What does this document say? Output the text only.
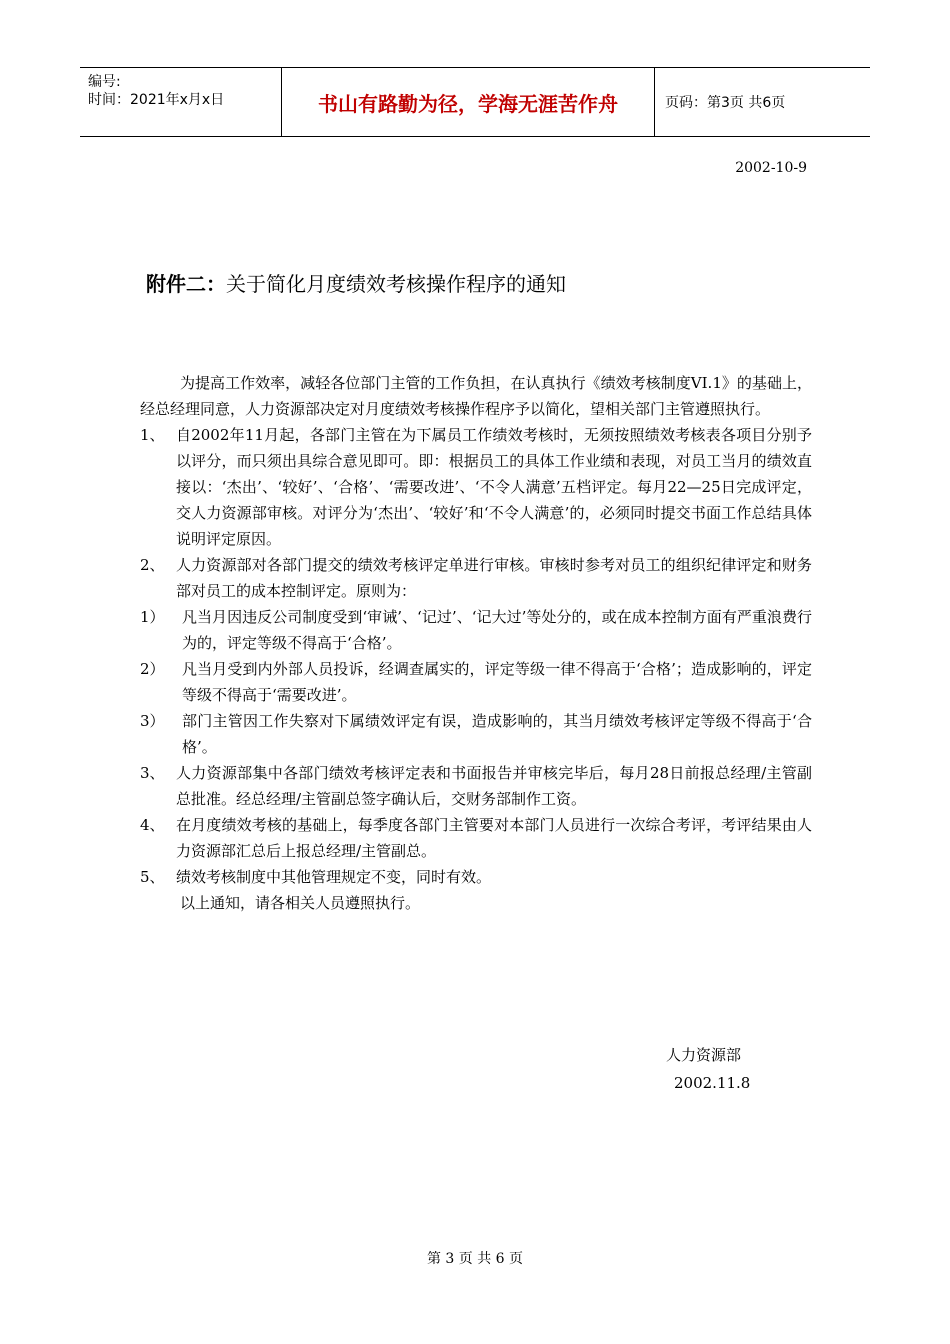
编号:
时间：2021年x月x日	书山有路勤为径，学海无涯苦作舟	页码：第3页 共6页
2002-10-9
附件二：关于简化月度绩效考核操作程序的通知

为提高工作效率，减轻各位部门主管的工作负担，在认真执行《绩效考核制度VI.1》的基础上，经总经理同意，人力资源部决定对月度绩效考核操作程序予以简化，望相关部门主管遵照执行。

1、 自2002年11月起，各部门主管在为下属员工作绩效考核时，无须按照绩效考核表各项目分别予以评分，而只须出具综合意见即可。即：根据员工的具体工作业绩和表现，对员工当月的绩效直接以：‘杰出’、‘较好’、‘合格’、‘需要改进’、‘不令人满意’五档评定。每月22—25日完成评定，交人力资源部审核。对评分为‘杰出’、‘较好’和‘不令人满意’的，必须同时提交书面工作总结具体说明评定原因。
2、 人力资源部对各部门提交的绩效考核评定单进行审核。审核时参考对员工的组织纪律评定和财务部对员工的成本控制评定。原则为：
1）	凡当月因违反公司制度受到‘审诫’、‘记过’、‘记大过’等处分的，或在成本控制方面有严重浪费行为的，评定等级不得高于‘合格’。
2）	凡当月受到内外部人员投诉，经调查属实的，评定等级一律不得高于‘合格’；造成影响的，评定等级不得高于‘需要改进’。
3）	部门主管因工作失察对下属绩效评定有误，造成影响的，其当月绩效考核评定等级不得高于‘合格’。
3、 人力资源部集中各部门绩效考核评定表和书面报告并审核完毕后，每月28日前报总经理/主管副总批准。经总经理/主管副总签字确认后，交财务部制作工资。
4、 在月度绩效考核的基础上，每季度各部门主管要对本部门人员进行一次综合考评，考评结果由人力资源部汇总后上报总经理/主管副总。
5、 绩效考核制度中其他管理规定不变，同时有效。

以上通知，请各相关人员遵照执行。

人力资源部
2002.11.8
第 3 页 共 6 页
